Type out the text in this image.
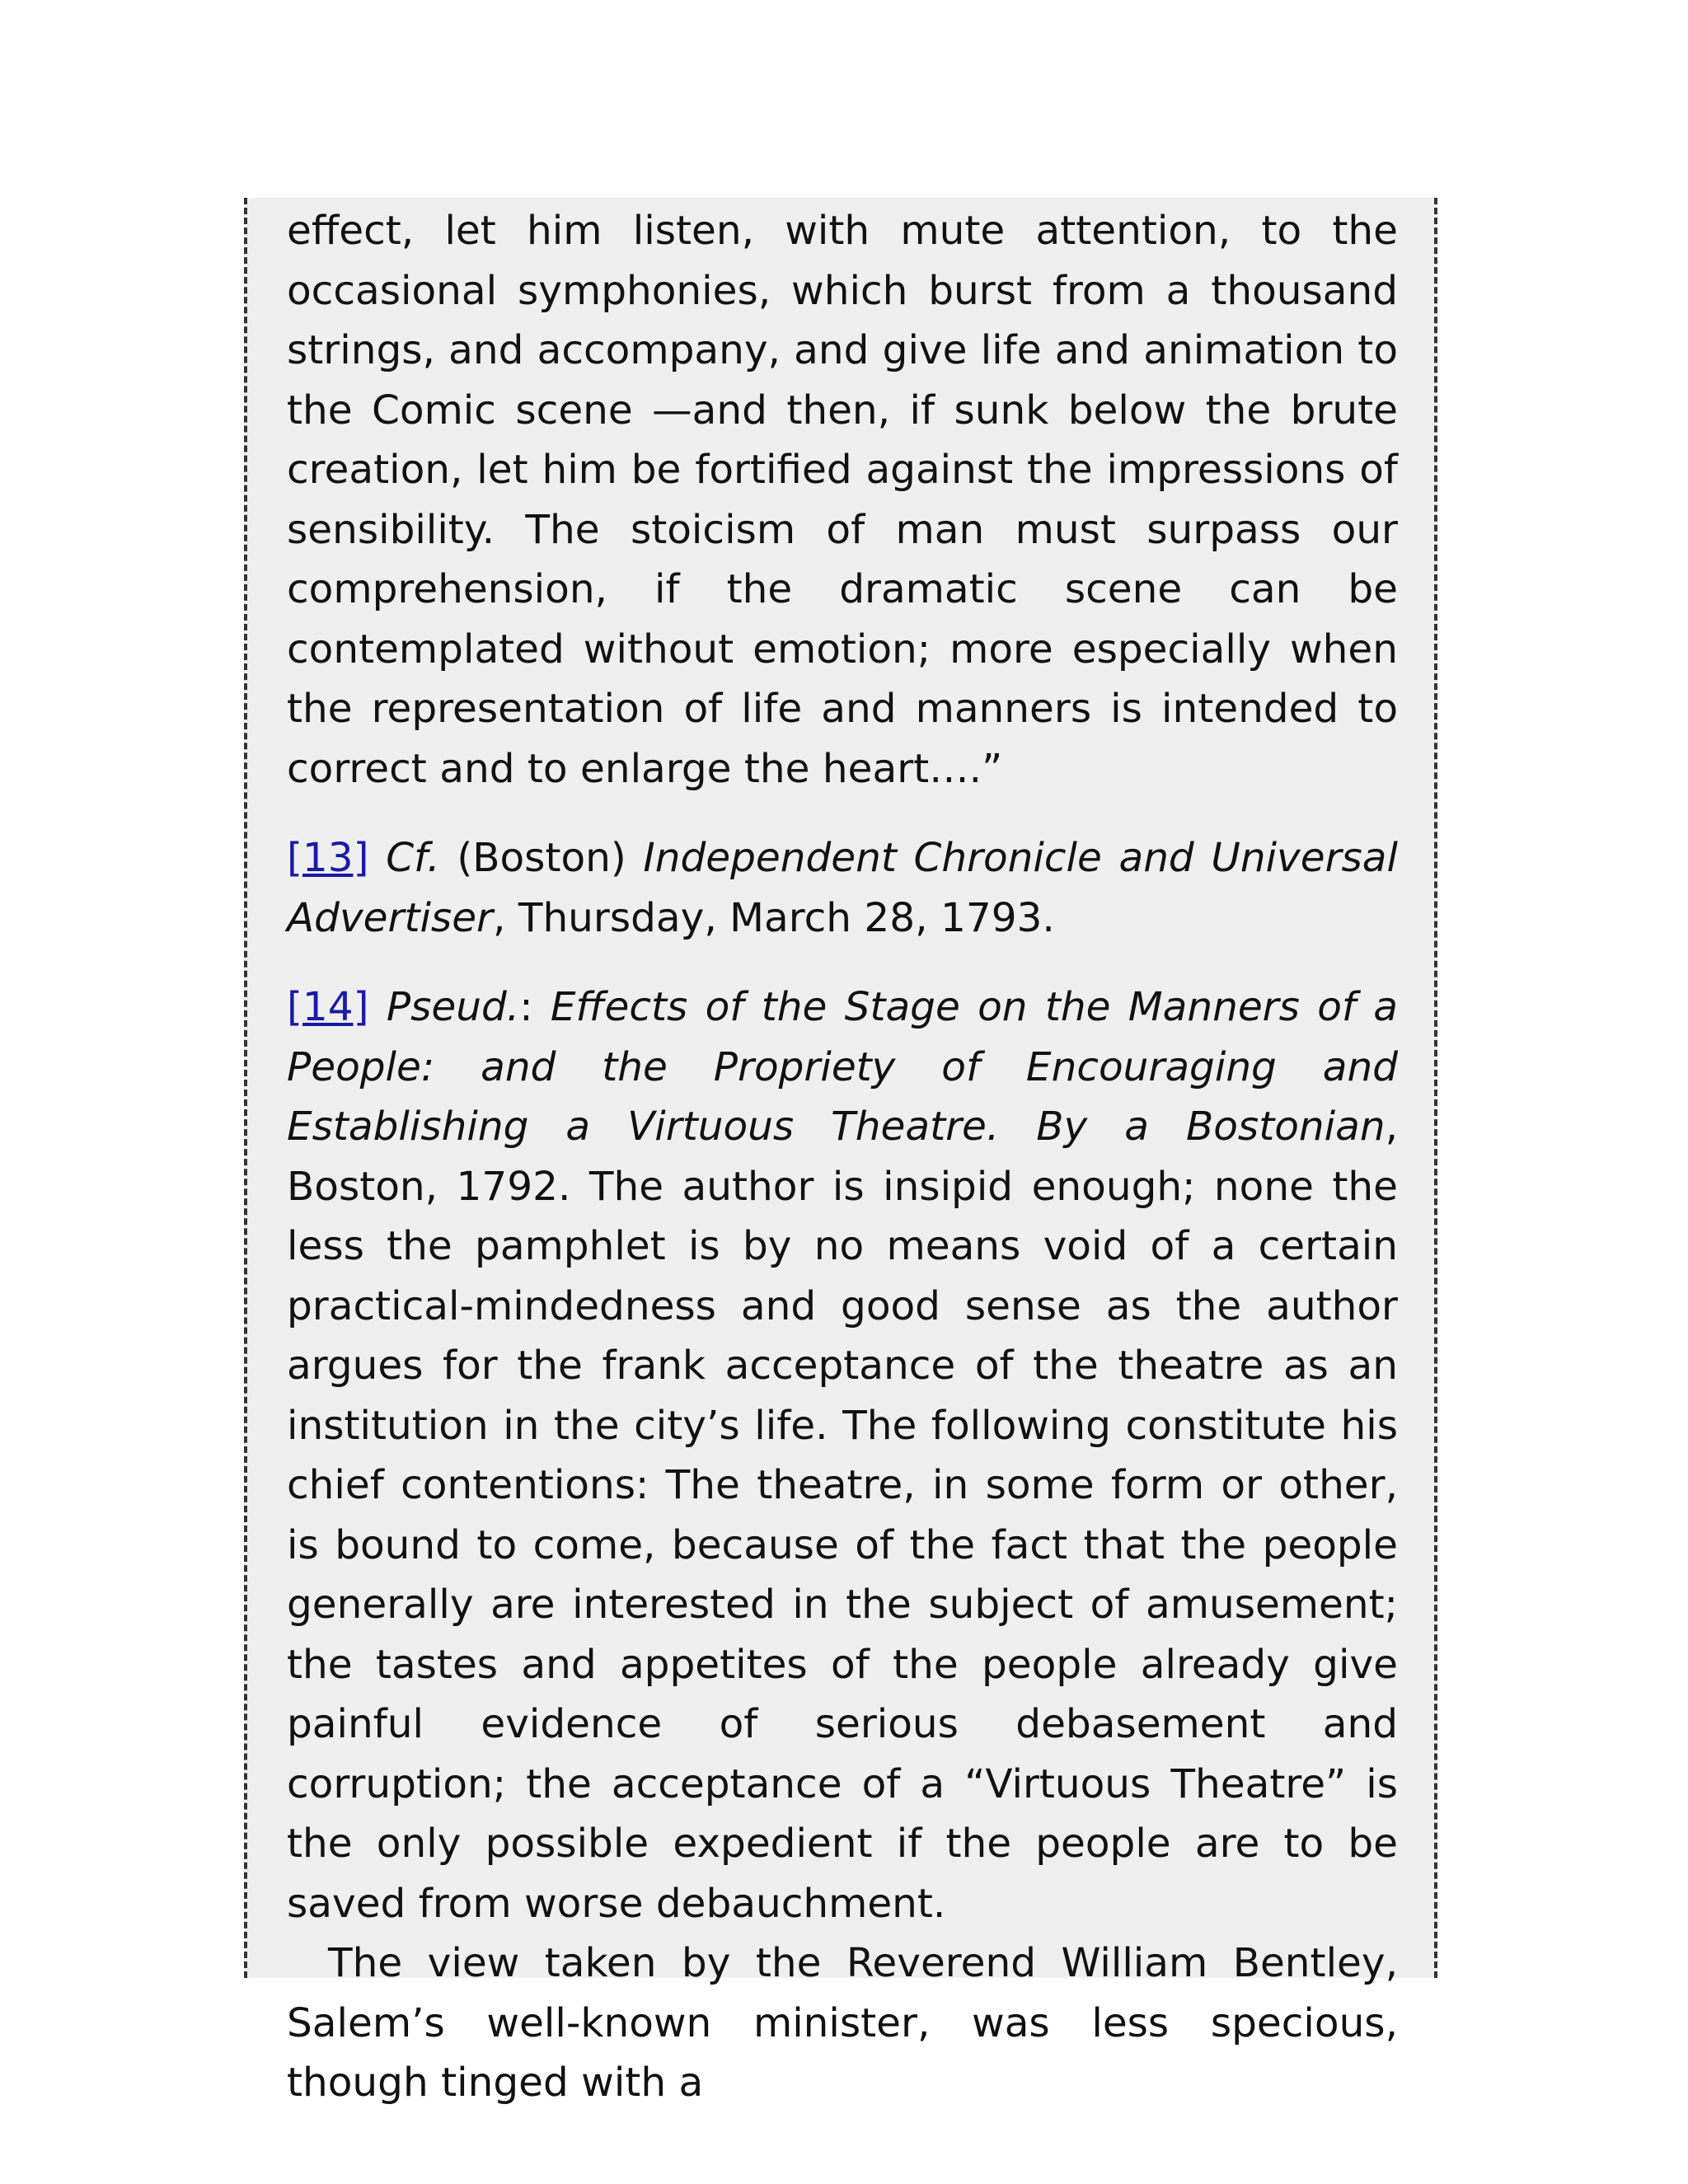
effect, let him listen, with mute attention, to the occasional symphonies, which burst from a thousand strings, and accompany, and give life and animation to the Comic scene —and then, if sunk below the brute creation, let him be fortified against the impressions of sensibility. The stoicism of man must surpass our comprehension, if the dramatic scene can be contemplated without emotion; more especially when the representation of life and manners is intended to correct and to enlarge the heart….”

[13] Cf. (Boston) Independent Chronicle and Universal Advertiser, Thursday, March 28, 1793.

[14] Pseud.: Effects of the Stage on the Manners of a People: and the Propriety of Encouraging and Establishing a Virtuous Theatre. By a Bostonian, Boston, 1792. The author is insipid enough; none the less the pamphlet is by no means void of a certain practical-mindedness and good sense as the author argues for the frank acceptance of the theatre as an institution in the city’s life. The following constitute his chief contentions: The theatre, in some form or other, is bound to come, because of the fact that the people generally are interested in the subject of amusement; the tastes and appetites of the people already give painful evidence of serious debasement and corruption; the acceptance of a “Virtuous Theatre” is the only possible expedient if the people are to be saved from worse debauchment.

The view taken by the Reverend William Bentley, Salem’s well-known minister, was less specious, though tinged with a
